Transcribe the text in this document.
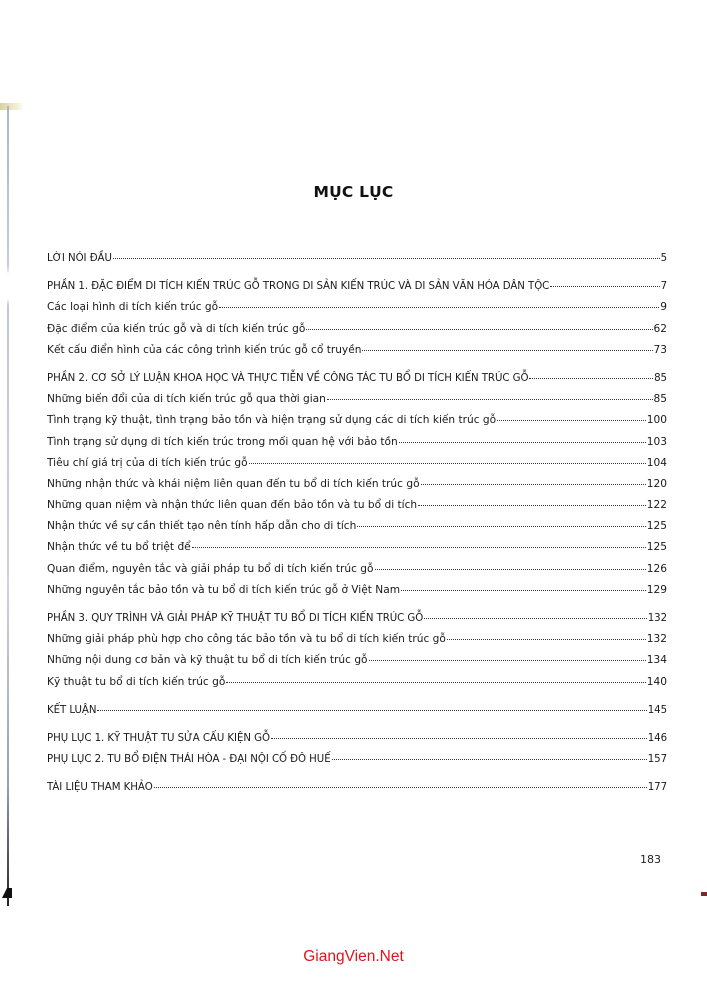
MỤC LỤC
LỜI NÓI ĐẦU	5
PHẦN 1. ĐẶC ĐIỂM DI TÍCH KIẾN TRÚC GỖ TRONG DI SẢN KIẾN TRÚC VÀ DI SẢN VĂN HÓA DÂN TỘC	7
Các loại hình di tích kiến trúc gỗ	9
Đặc điểm của kiến trúc gỗ và di tích kiến trúc gỗ	62
Kết cấu điển hình của các công trình kiến trúc gỗ cổ truyền	73
PHẦN 2. CƠ SỞ LÝ LUẬN KHOA HỌC VÀ THỰC TIỄN VỀ CÔNG TÁC TU BỔ DI TÍCH KIẾN TRÚC GỖ	85
Những biến đổi của di tích kiến trúc gỗ qua thời gian	85
Tình trạng kỹ thuật, tình trạng bảo tồn và hiện trạng sử dụng các di tích kiến trúc gỗ	100
Tình trạng sử dụng di tích kiến trúc trong mối quan hệ với bảo tồn	103
Tiêu chí giá trị của di tích kiến trúc gỗ	104
Những nhận thức và khái niệm liên quan đến tu bổ di tích kiến trúc gỗ	120
Những quan niệm và nhận thức liên quan đến bảo tồn và tu bổ di tích	122
Nhận thức về sự cần thiết tạo nên tính hấp dẫn cho di tích	125
Nhận thức về tu bổ triệt để	125
Quan điểm, nguyên tắc và giải pháp tu bổ di tích kiến trúc gỗ	126
Những nguyên tắc bảo tồn và tu bổ di tích kiến trúc gỗ ở Việt Nam	129
PHẦN 3. QUY TRÌNH VÀ GIẢI PHÁP KỸ THUẬT TU BỔ DI TÍCH KIẾN TRÚC GỖ	132
Những giải pháp phù hợp cho công tác bảo tồn và tu bổ di tích kiến trúc gỗ	132
Những nội dung cơ bản và kỹ thuật tu bổ di tích kiến trúc gỗ	134
Kỹ thuật tu bổ di tích kiến trúc gỗ	140
KẾT LUẬN	145
PHỤ LỤC 1. KỸ THUẬT TU SỬA CẤU KIỆN GỖ	146
PHỤ LỤC 2. TU BỔ ĐIỆN THÁI HÒA - ĐẠI NỘI CỐ ĐÔ HUẾ	157
TÀI LIỆU THAM KHẢO	177
183
GiangVien.Net
